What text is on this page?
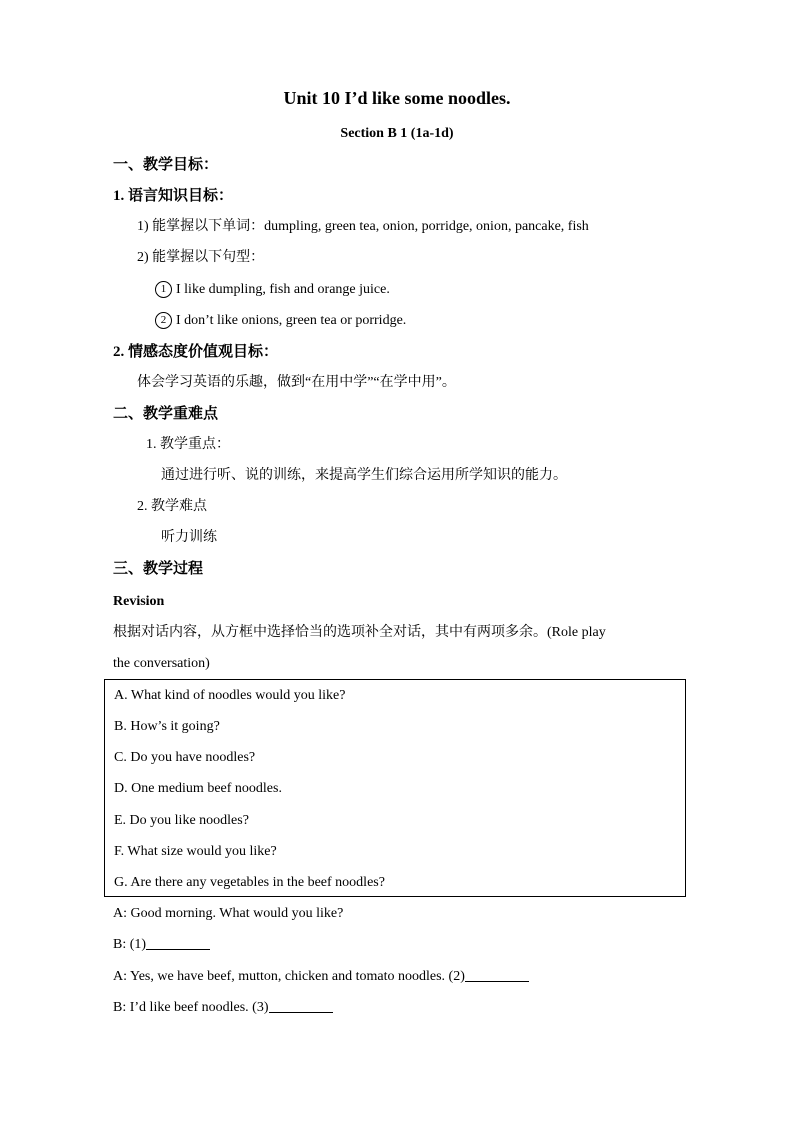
Unit 10 I’d like some noodles.
Section B 1 (1a-1d)
一、教学目标：
1. 语言知识目标：
1) 能掌握以下单词：dumpling, green tea, onion, porridge, onion, pancake, fish
2) 能掌握以下句型：
1 I like dumpling, fish and orange juice.
2 I don’t like onions, green tea or porridge.
2. 情感态度价值观目标：
体会学习英语的乐趣，做到“在用中学”“在学中用”。
二、教学重难点
1. 教学重点：
通过进行听、说的训练，来提高学生们综合运用所学知识的能力。
2. 教学难点
听力训练
三、教学过程
Revision
根据对话内容，从方框中选择恰当的选项补全对话，其中有两项多余。(Role play
the conversation)
A. What kind of noodles would you like?
B. How’s it going?
C. Do you have noodles?
D. One medium beef noodles.
E. Do you like noodles?
F. What size would you like?
G. Are there any vegetables in the beef noodles?
A: Good morning. What would you like?
B: (1)
A: Yes, we have beef, mutton, chicken and tomato noodles. (2)
B: I’d like beef noodles. (3)
